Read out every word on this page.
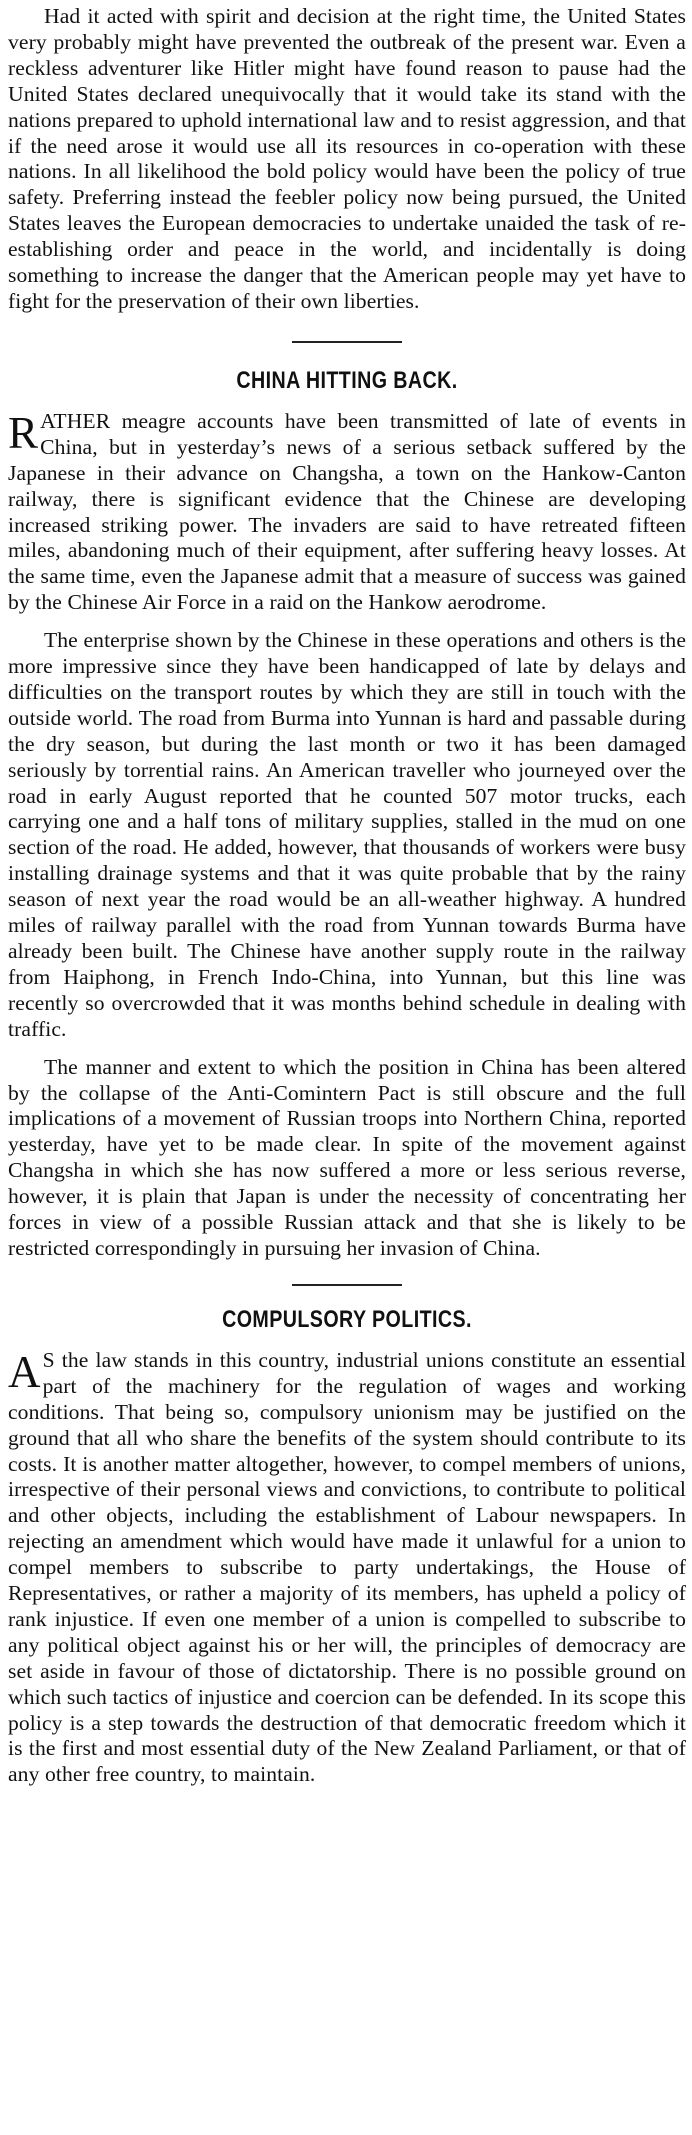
Had it acted with spirit and decision at the right time, the United States very probably might have prevented the outbreak of the present war. Even a reckless adventurer like Hitler might have found reason to pause had the United States declared unequivocally that it would take its stand with the nations prepared to uphold international law and to resist aggression, and that if the need arose it would use all its resources in co-operation with these nations. In all likelihood the bold policy would have been the policy of true safety. Preferring instead the feebler policy now being pursued, the United States leaves the European democracies to undertake unaided the task of re-establishing order and peace in the world, and incidentally is doing something to increase the danger that the American people may yet have to fight for the preservation of their own liberties.

CHINA HITTING BACK.

RATHER meagre accounts have been transmitted of late of events in China, but in yesterday’s news of a serious setback suffered by the Japanese in their advance on Changsha, a town on the Hankow-Canton railway, there is significant evidence that the Chinese are developing increased striking power. The invaders are said to have retreated fifteen miles, abandoning much of their equipment, after suffering heavy losses. At the same time, even the Japanese admit that a measure of success was gained by the Chinese Air Force in a raid on the Hankow aerodrome.

The enterprise shown by the Chinese in these operations and others is the more impressive since they have been handicapped of late by delays and difficulties on the transport routes by which they are still in touch with the outside world. The road from Burma into Yunnan is hard and passable during the dry season, but during the last month or two it has been damaged seriously by torrential rains. An American traveller who journeyed over the road in early August reported that he counted 507 motor trucks, each carrying one and a half tons of military supplies, stalled in the mud on one section of the road. He added, however, that thousands of workers were busy installing drainage systems and that it was quite probable that by the rainy season of next year the road would be an all-weather highway. A hundred miles of railway parallel with the road from Yunnan towards Burma have already been built. The Chinese have another supply route in the railway from Haiphong, in French Indo-China, into Yunnan, but this line was recently so overcrowded that it was months behind schedule in dealing with traffic.

The manner and extent to which the position in China has been altered by the collapse of the Anti-Comintern Pact is still obscure and the full implications of a movement of Russian troops into Northern China, reported yesterday, have yet to be made clear. In spite of the movement against Changsha in which she has now suffered a more or less serious reverse, however, it is plain that Japan is under the necessity of concentrating her forces in view of a possible Russian attack and that she is likely to be restricted correspondingly in pursuing her invasion of China.

COMPULSORY POLITICS.

A S the law stands in this country, industrial unions constitute an essential part of the machinery for the regulation of wages and working conditions. That being so, compulsory unionism may be justified on the ground that all who share the benefits of the system should contribute to its costs. It is another matter altogether, however, to compel members of unions, irrespective of their personal views and convictions, to contribute to political and other objects, including the establishment of Labour newspapers. In rejecting an amendment which would have made it unlawful for a union to compel members to subscribe to party undertakings, the House of Representatives, or rather a majority of its members, has upheld a policy of rank injustice. If even one member of a union is compelled to subscribe to any political object against his or her will, the principles of democracy are set aside in favour of those of dictatorship. There is no possible ground on which such tactics of injustice and coercion can be defended. In its scope this policy is a step towards the destruction of that democratic freedom which it is the first and most essential duty of the New Zealand Parliament, or that of any other free country, to maintain.
